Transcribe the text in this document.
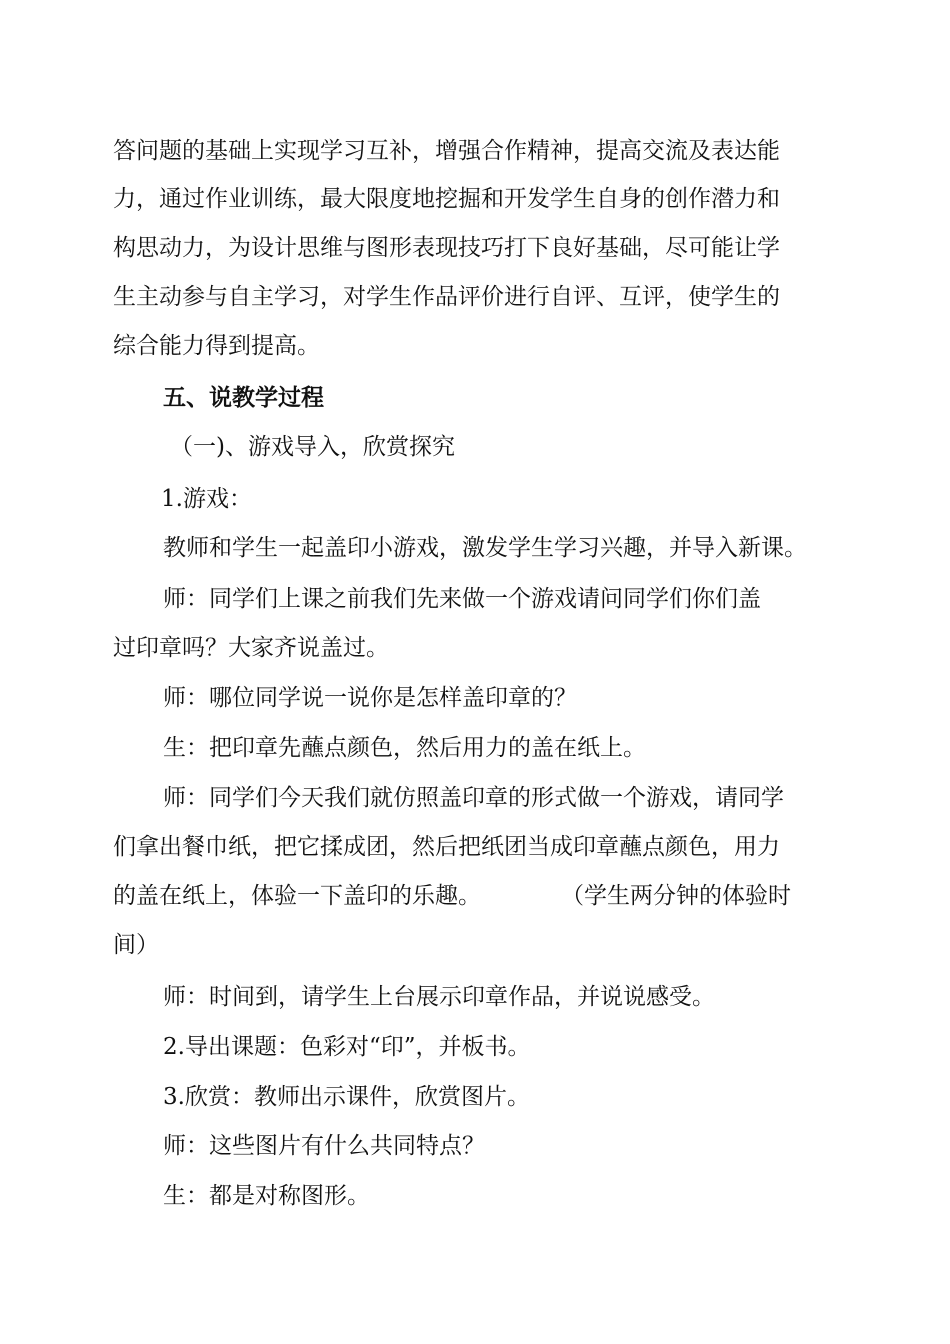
答问题的基础上实现学习互补，增强合作精神，提高交流及表达能
力，通过作业训练，最大限度地挖掘和开发学生自身的创作潜力和
构思动力，为设计思维与图形表现技巧打下良好基础，尽可能让学
生主动参与自主学习，对学生作品评价进行自评、互评，使学生的
综合能力得到提高。
五、说教学过程
（一)、游戏导入，欣赏探究
1.游戏：
教师和学生一起盖印小游戏，激发学生学习兴趣，并导入新课。
师：同学们上课之前我们先来做一个游戏请问同学们你们盖
过印章吗？大家齐说盖过。
师：哪位同学说一说你是怎样盖印章的？
生：把印章先蘸点颜色，然后用力的盖在纸上。
师：同学们今天我们就仿照盖印章的形式做一个游戏，请同学
们拿出餐巾纸，把它揉成团，然后把纸团当成印章蘸点颜色，用力
的盖在纸上，体验一下盖印的乐趣。	（学生两分钟的体验时
间）
师：时间到，请学生上台展示印章作品，并说说感受。
2.导出课题：色彩对“印”，并板书。
3.欣赏：教师出示课件，欣赏图片。
师：这些图片有什么共同特点？
生：都是对称图形。
